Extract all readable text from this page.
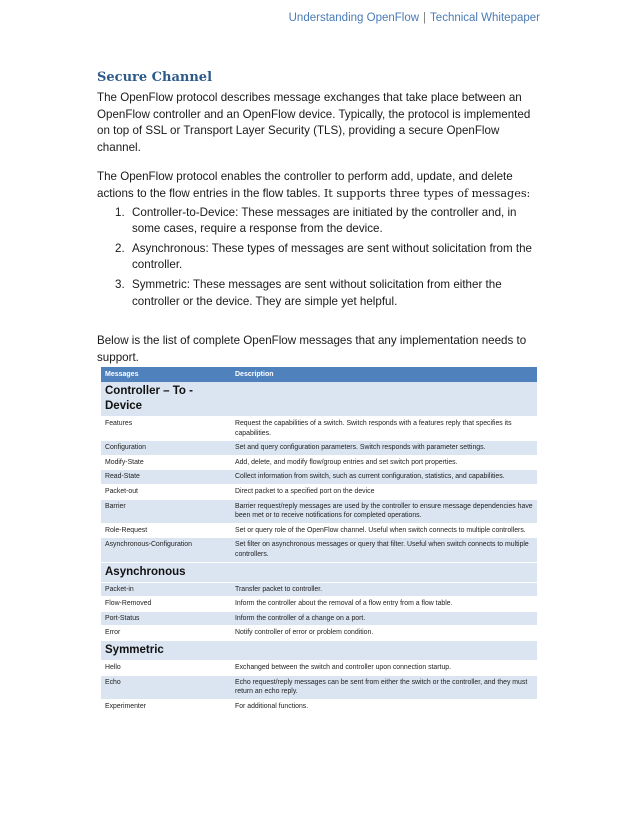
Understanding OpenFlow | Technical Whitepaper
Secure Channel

The OpenFlow protocol describes message exchanges that take place between an OpenFlow controller and an OpenFlow device. Typically, the protocol is implemented on top of SSL or Transport Layer Security (TLS), providing a secure OpenFlow channel.

The OpenFlow protocol enables the controller to perform add, update, and delete actions to the flow entries in the flow tables. It supports three types of messages:

1. Controller-to-Device: These messages are initiated by the controller and, in some cases, require a response from the device.
2. Asynchronous: These types of messages are sent without solicitation from the controller.
3. Symmetric: These messages are sent without solicitation from either the controller or the device. They are simple yet helpful.

Below is the list of complete OpenFlow messages that any implementation needs to support.

Messages	Description
Controller – To - Device	
Features	Request the capabilities of a switch. Switch responds with a features reply that specifies its capabilities.
Configuration	Set and query configuration parameters. Switch responds with parameter settings.
Modify-State	Add, delete, and modify flow/group entries and set switch port properties.
Read-State	Collect information from switch, such as current configuration, statistics, and capabilities.
Packet-out	Direct packet to a specified port on the device
Barrier	Barrier request/reply messages are used by the controller to ensure message dependencies have been met or to receive notifications for completed operations.
Role-Request	Set or query role of the OpenFlow channel. Useful when switch connects to multiple controllers.
Asynchronous-Configuration	Set filter on asynchronous messages or query that filter. Useful when switch connects to multiple controllers.
Asynchronous	
Packet-in	Transfer packet to controller.
Flow-Removed	Inform the controller about the removal of a flow entry from a flow table.
Port-Status	Inform the controller of a change on a port.
Error	Notify controller of error or problem condition.
Symmetric	
Hello	Exchanged between the switch and controller upon connection startup.
Echo	Echo request/reply messages can be sent from either the switch or the controller, and they must return an echo reply.
Experimenter	For additional functions.
